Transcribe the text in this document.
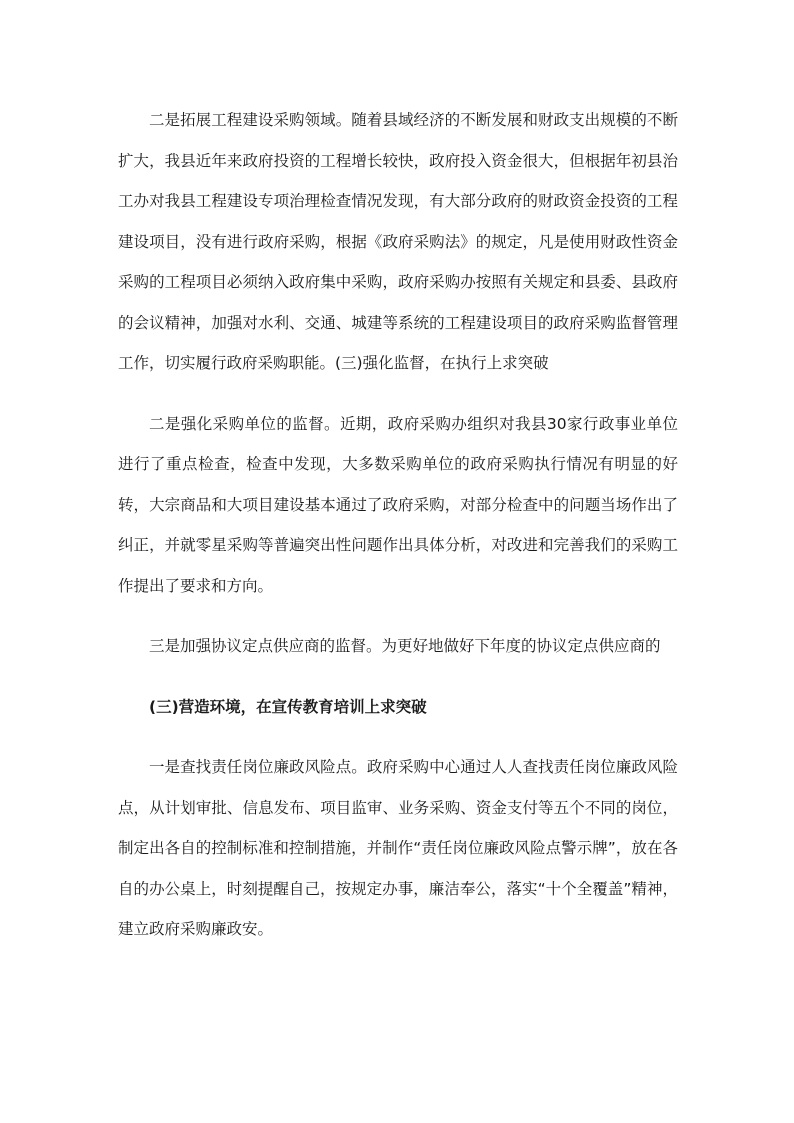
二是拓展工程建设采购领域。随着县域经济的不断发展和财政支出规模的不断扩大，我县近年来政府投资的工程增长较快，政府投入资金很大，但根据年初县治工办对我县工程建设专项治理检查情况发现，有大部分政府的财政资金投资的工程建设项目，没有进行政府采购，根据《政府采购法》的规定，凡是使用财政性资金采购的工程项目必须纳入政府集中采购，政府采购办按照有关规定和县委、县政府的会议精神，加强对水利、交通、城建等系统的工程建设项目的政府采购监督管理工作，切实履行政府采购职能。(三)强化监督，在执行上求突破

二是强化采购单位的监督。近期，政府采购办组织对我县30家行政事业单位进行了重点检查，检查中发现，大多数采购单位的政府采购执行情况有明显的好转，大宗商品和大项目建设基本通过了政府采购，对部分检查中的问题当场作出了纠正，并就零星采购等普遍突出性问题作出具体分析，对改进和完善我们的采购工作提出了要求和方向。

三是加强协议定点供应商的监督。为更好地做好下年度的协议定点供应商的

(三)营造环境，在宣传教育培训上求突破

一是查找责任岗位廉政风险点。政府采购中心通过人人查找责任岗位廉政风险点，从计划审批、信息发布、项目监审、业务采购、资金支付等五个不同的岗位，制定出各自的控制标准和控制措施，并制作“责任岗位廉政风险点警示牌”，放在各自的办公桌上，时刻提醒自己，按规定办事，廉洁奉公，落实“十个全覆盖”精神，建立政府采购廉政安。
